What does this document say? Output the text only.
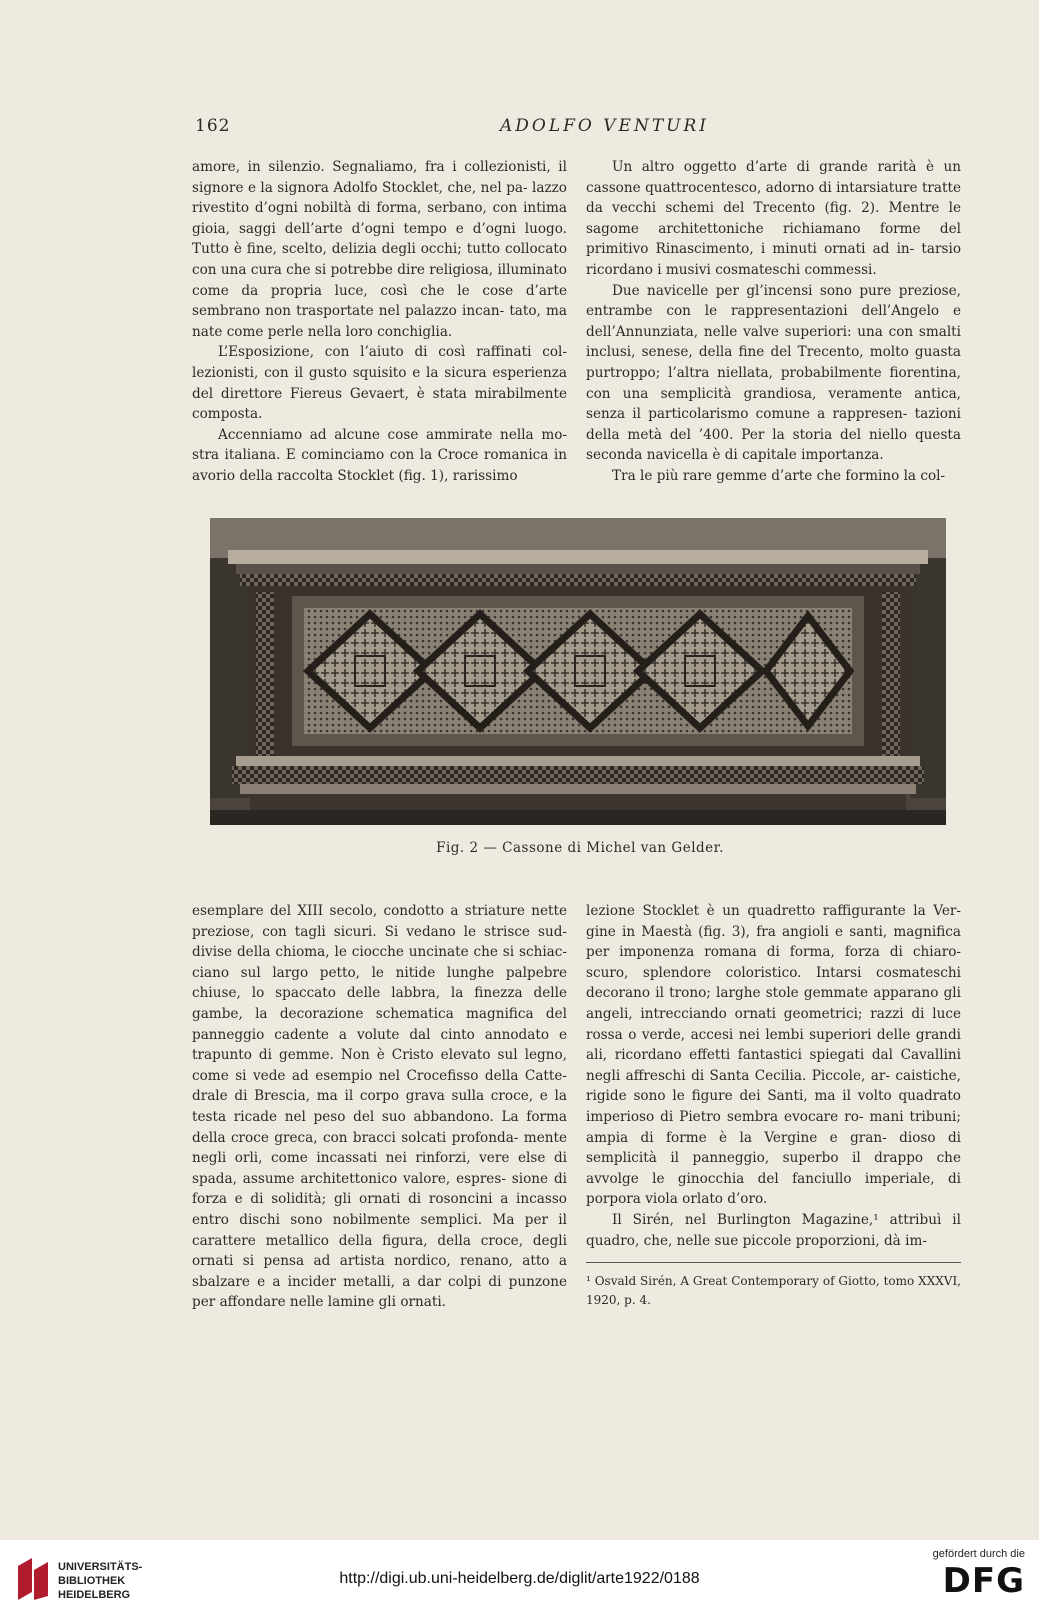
162	ADOLFO VENTURI

amore, in silenzio. Segnaliamo, fra i collezionisti, il signore e la signora Adolfo Stocklet, che, nel pa- lazzo rivestito d’ogni nobiltà di forma, serbano, con intima gioia, saggi dell’arte d’ogni tempo e d’ogni luogo. Tutto è fine, scelto, delizia degli occhi; tutto collocato con una cura che si potrebbe dire religiosa, illuminato come da propria luce, così che le cose d’arte sembrano non trasportate nel palazzo incan- tato, ma nate come perle nella loro conchiglia.

L’Esposizione, con l’aiuto di così raffinati col- lezionisti, con il gusto squisito e la sicura esperienza del direttore Fiereus Gevaert, è stata mirabilmente composta.

Accenniamo ad alcune cose ammirate nella mo- stra italiana. E cominciamo con la Croce romanica in avorio della raccolta Stocklet (fig. 1), rarissimo

Un altro oggetto d’arte di grande rarità è un cassone quattrocentesco, adorno di intarsiature tratte da vecchi schemi del Trecento (fig. 2). Mentre le sagome architettoniche richiamano forme del primitivo Rinascimento, i minuti ornati ad in- tarsio ricordano i musivi cosmateschi commessi.

Due navicelle per gl’incensi sono pure preziose, entrambe con le rappresentazioni dell’Angelo e dell’Annunziata, nelle valve superiori: una con smalti inclusi, senese, della fine del Trecento, molto guasta purtroppo; l’altra niellata, probabilmente fiorentina, con una semplicità grandiosa, veramente antica, senza il particolarismo comune a rappresen- tazioni della metà del ’400. Per la storia del niello questa seconda navicella è di capitale importanza.

Tra le più rare gemme d’arte che formino la col-

Fig. 2 — Cassone di Michel van Gelder.

esemplare del XIII secolo, condotto a striature nette preziose, con tagli sicuri. Si vedano le strisce sud- divise della chioma, le ciocche uncinate che si schiac- ciano sul largo petto, le nitide lunghe palpebre chiuse, lo spaccato delle labbra, la finezza delle gambe, la decorazione schematica magnifica del panneggio cadente a volute dal cinto annodato e trapunto di gemme. Non è Cristo elevato sul legno, come si vede ad esempio nel Crocefisso della Catte- drale di Brescia, ma il corpo grava sulla croce, e la testa ricade nel peso del suo abbandono. La forma della croce greca, con bracci solcati profonda- mente negli orli, come incassati nei rinforzi, vere else di spada, assume architettonico valore, espres- sione di forza e di solidità; gli ornati di rosoncini a incasso entro dischi sono nobilmente semplici. Ma per il carattere metallico della figura, della croce, degli ornati si pensa ad artista nordico, renano, atto a sbalzare e a incider metalli, a dar colpi di punzone per affondare nelle lamine gli ornati.

lezione Stocklet è un quadretto raffigurante la Ver- gine in Maestà (fig. 3), fra angioli e santi, magnifica per imponenza romana di forma, forza di chiaro- scuro, splendore coloristico. Intarsi cosmateschi decorano il trono; larghe stole gemmate apparano gli angeli, intrecciando ornati geometrici; razzi di luce rossa o verde, accesi nei lembi superiori delle grandi ali, ricordano effetti fantastici spiegati dal Cavallini negli affreschi di Santa Cecilia. Piccole, ar- caistiche, rigide sono le figure dei Santi, ma il volto quadrato imperioso di Pietro sembra evocare ro- mani tribuni; ampia di forme è la Vergine e gran- dioso di semplicità il panneggio, superbo il drappo che avvolge le ginocchia del fanciullo imperiale, di porpora viola orlato d’oro.

Il Sirén, nel Burlington Magazine,¹ attribuì il quadro, che, nelle sue piccole proporzioni, dà im-

¹ Osvald Sirén, A Great Contemporary of Giotto, tomo XXXVI, 1920, p. 4.
UNIVERSITÄTS-
BIBLIOTHEK
HEIDELBERG
http://digi.ub.uni-heidelberg.de/diglit/arte1922/0188
gefördert durch die
DFG
